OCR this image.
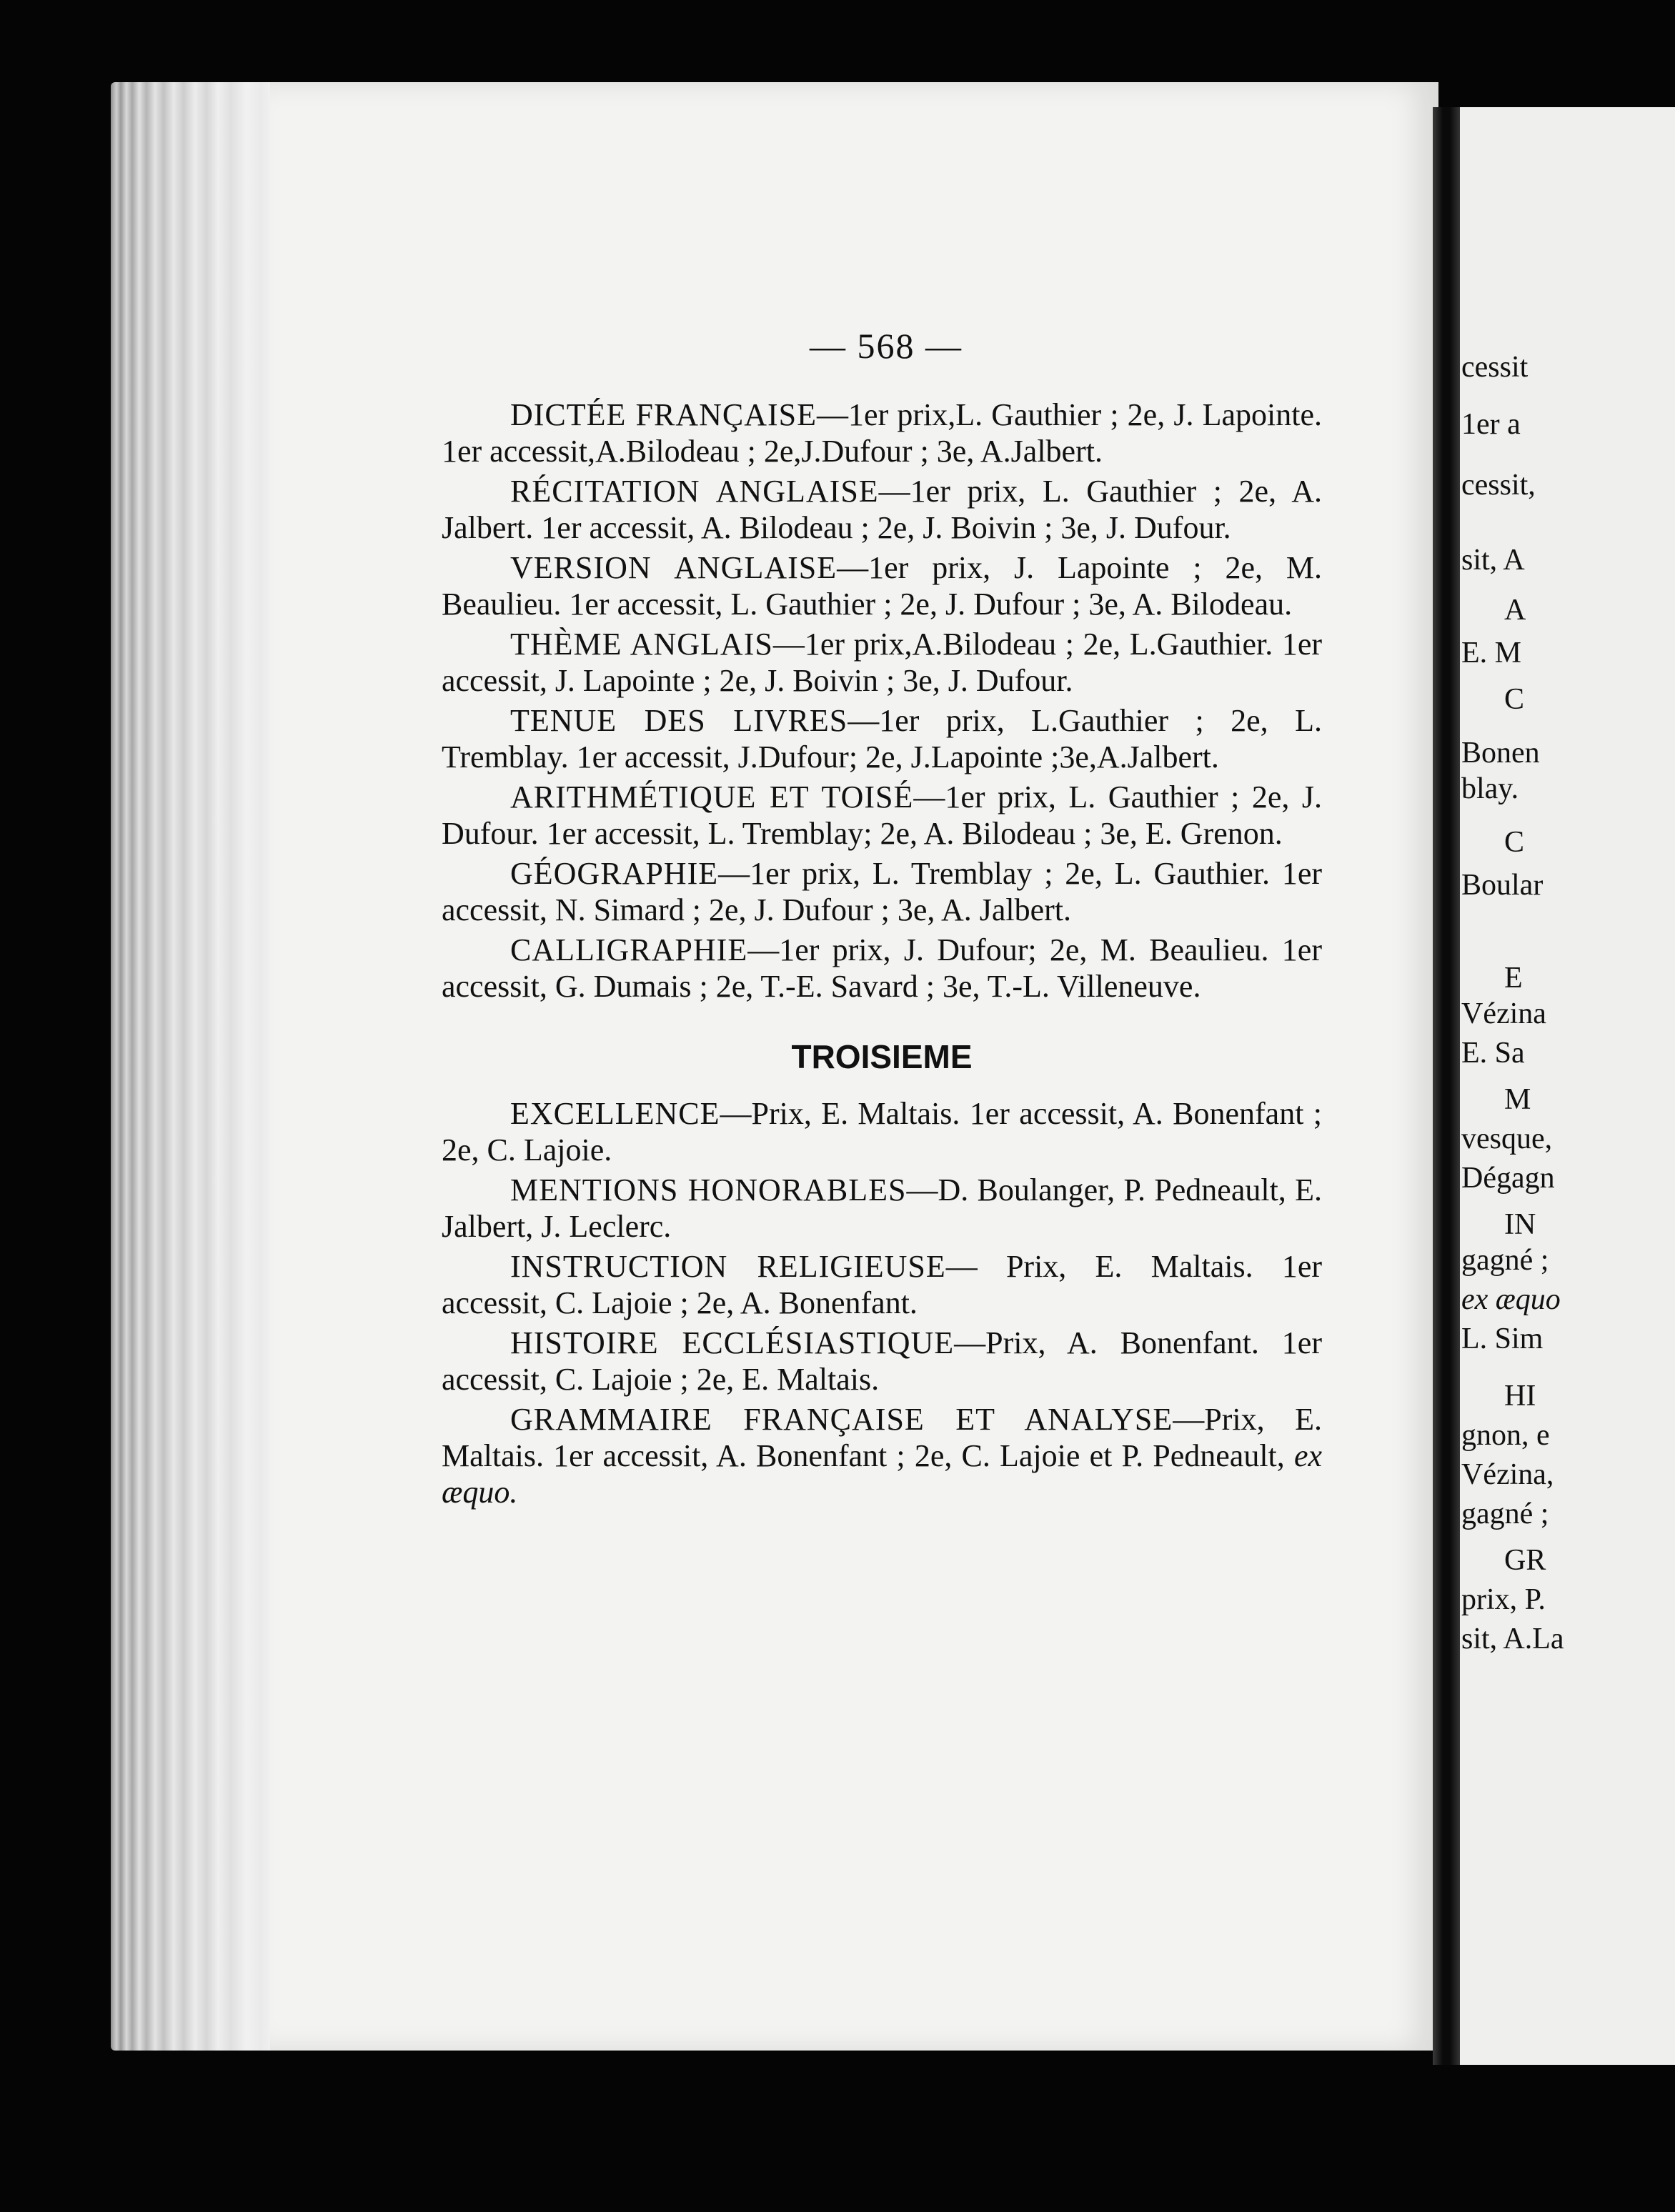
cessit
1er a
cessit,
sit, A
A
E. M
C
Bonen
blay.
C
Boular
E
Vézina
E. Sa
M
vesque,
Dégagn
IN
gagné ;
ex æquo
L. Sim
HI
gnon, e
Vézina,
gagné ;
GR
prix, P.
sit, A.La
— 568 —

DICTÉE FRANÇAISE—1er prix,L. Gauthier ; 2e, J. Lapointe. 1er accessit,A.Bilodeau ; 2e,J.Dufour ; 3e, A.Jalbert.

RÉCITATION ANGLAISE—1er prix, L. Gauthier ; 2e, A. Jalbert. 1er accessit, A. Bilodeau ; 2e, J. Boivin ; 3e, J. Dufour.

VERSION ANGLAISE—1er prix, J. Lapointe ; 2e, M. Beaulieu. 1er accessit, L. Gauthier ; 2e, J. Dufour ; 3e, A. Bilodeau.

THÈME ANGLAIS—1er prix,A.Bilodeau ; 2e, L.Gauthier. 1er accessit, J. Lapointe ; 2e, J. Boivin ; 3e, J. Dufour.

TENUE DES LIVRES—1er prix, L.Gauthier ; 2e, L. Tremblay. 1er accessit, J.Dufour; 2e, J.Lapointe ;3e,A.Jalbert.

ARITHMÉTIQUE ET TOISÉ—1er prix, L. Gauthier ; 2e, J. Dufour. 1er accessit, L. Tremblay; 2e, A. Bilodeau ; 3e, E. Grenon.

GÉOGRAPHIE—1er prix, L. Tremblay ; 2e, L. Gauthier. 1er accessit, N. Simard ; 2e, J. Dufour ; 3e, A. Jalbert.

CALLIGRAPHIE—1er prix, J. Dufour; 2e, M. Beaulieu. 1er accessit, G. Dumais ; 2e, T.-E. Savard ; 3e, T.-L. Villeneuve.

TROISIEME

EXCELLENCE—Prix, E. Maltais. 1er accessit, A. Bonenfant ; 2e, C. Lajoie.

MENTIONS HONORABLES—D. Boulanger, P. Pedneault, E. Jalbert, J. Leclerc.

INSTRUCTION RELIGIEUSE— Prix, E. Maltais. 1er accessit, C. Lajoie ; 2e, A. Bonenfant.

HISTOIRE ECCLÉSIASTIQUE—Prix, A. Bonenfant. 1er accessit, C. Lajoie ; 2e, E. Maltais.

GRAMMAIRE FRANÇAISE ET ANALYSE—Prix, E. Maltais. 1er accessit, A. Bonenfant ; 2e, C. Lajoie et P. Pedneault, ex æquo.
